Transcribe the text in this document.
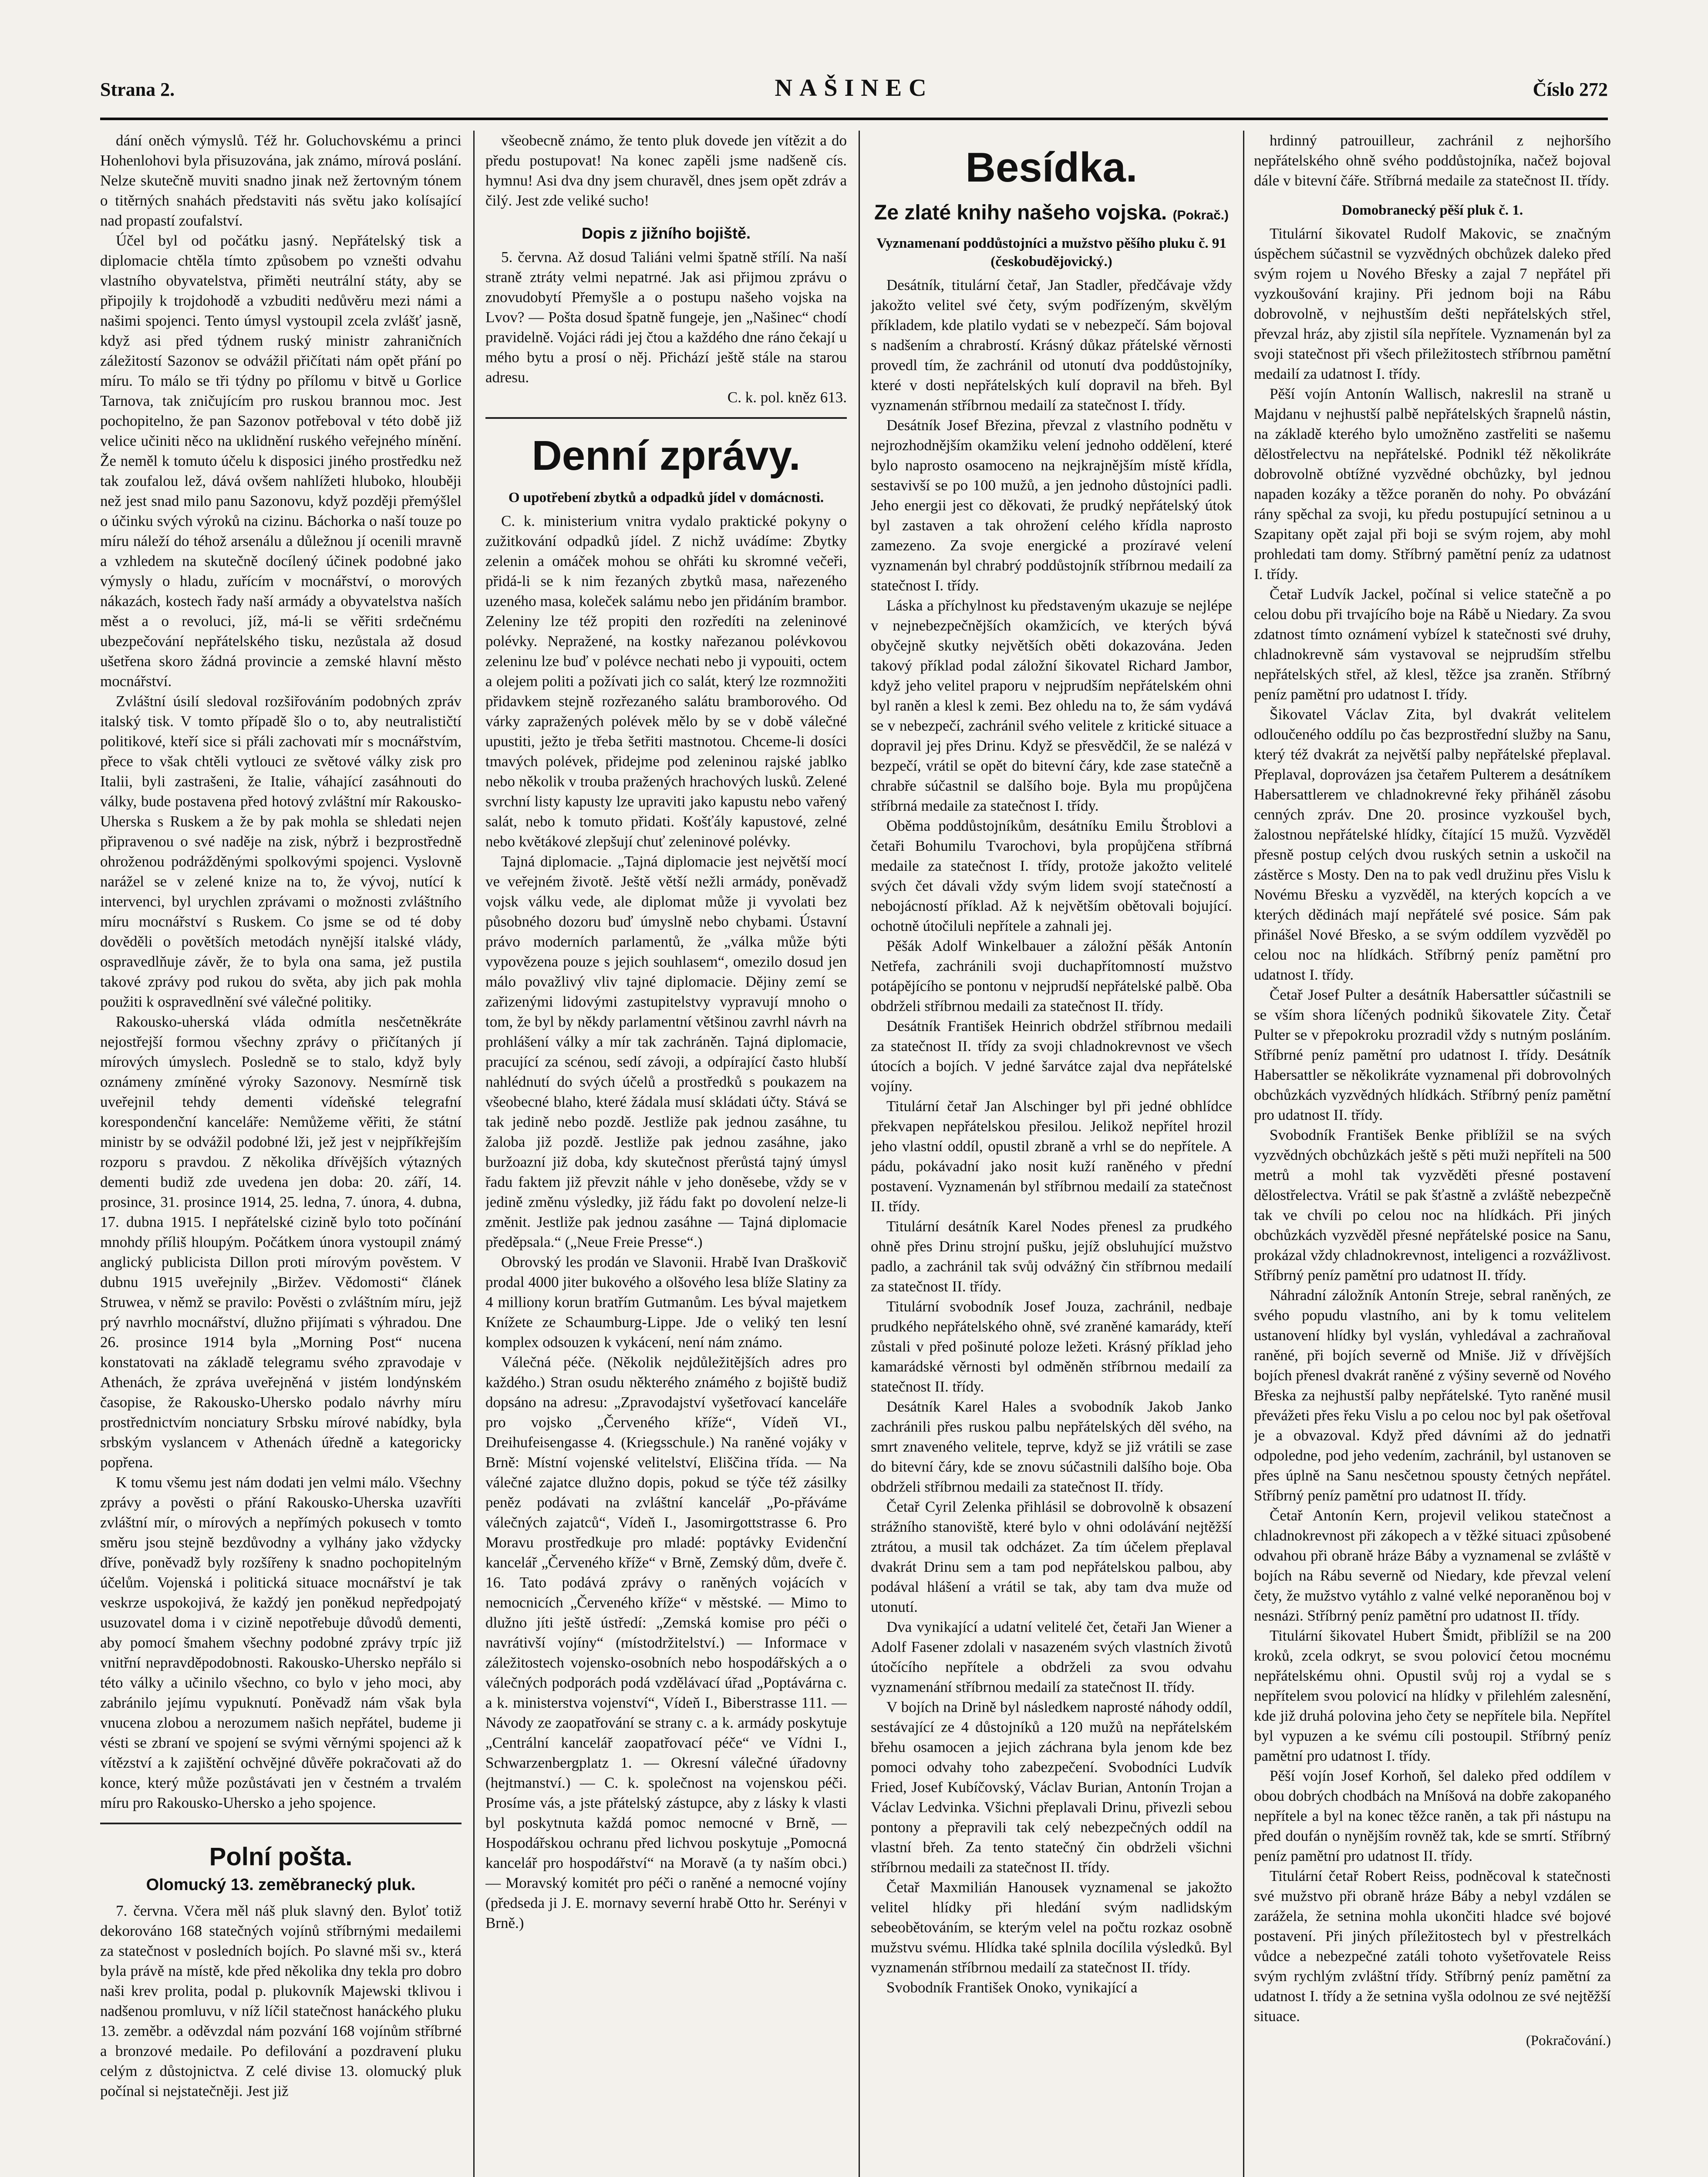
Strana 2.	NAŠINEC	Číslo 272

dání oněch výmyslů. Též hr. Goluchovskému a princi Hohenlohovi byla přisuzována, jak známo, mírová poslání. Nelze skutečně muviti snadno jinak než žertovným tónem o titěrných snahách představiti nás světu jako kolísající nad propastí zoufalství.

Účel byl od počátku jasný. Nepřátelský tisk a diplomacie chtěla tímto způsobem po vznešti odvahu vlastního obyvatelstva, přiměti neutrální státy, aby se připojily k trojdohodě a vzbuditi nedůvěru mezi námi a našimi spojenci. Tento úmysl vystoupil zcela zvlášť jasně, když asi před týdnem ruský ministr zahraničních záležitostí Sazonov se odvážil přičítati nám opět přání po míru. To málo se tři týdny po přílomu v bitvě u Gorlice Tarnova, tak zničujícím pro ruskou brannou moc. Jest pochopitelno, že pan Sazonov potřeboval v této době již velice učiniti něco na uklidnění ruského veřejného mínění. Že neměl k tomuto účelu k disposici jiného prostředku než tak zoufalou lež, dává ovšem nahlížeti hluboko, hlouběji než jest snad milo panu Sazonovu, když později přemýšlel o účinku svých výroků na cizinu. Báchorka o naší touze po míru náleží do téhož arsenálu a důležnou jí ocenili mravně a vzhledem na skutečně docílený účinek podobné jako výmysly o hladu, zuřícím v mocnářství, o morových nákazách, kostech řady naší armády a obyvatelstva naších měst a o revoluci, jíž, má-li se věřiti srdečnému ubezpečování nepřátelského tisku, nezůstala až dosud ušetřena skoro žádná provincie a zemské hlavní město mocnářství.

Zvláštní úsilí sledoval rozšiřováním podobných zpráv italský tisk. V tomto případě šlo o to, aby neutralističtí politikové, kteří sice si přáli zachovati mír s mocnářstvím, přece to však chtěli vytlouci ze světové války zisk pro Italii, byli zastrašeni, že Italie, váhající zasáhnouti do války, bude postavena před hotový zvláštní mír Rakousko-Uherska s Ruskem a že by pak mohla se shledati nejen připravenou o své naděje na zisk, nýbrž i bezprostředně ohroženou podrážděnými spolkovými spojenci. Vyslovně narážel se v zelené knize na to, že vývoj, nutící k intervenci, byl urychlen zprávami o možnosti zvláštního míru mocnářství s Ruskem. Co jsme se od té doby dověděli o povětších metodách nynější italské vlády, ospravedlňuje závěr, že to byla ona sama, jež pustila takové zprávy pod rukou do světa, aby jich pak mohla použiti k ospravedlnění své válečné politiky.

Rakousko-uherská vláda odmítla nesčetněkráte nejostřejší formou všechny zprávy o přičítaných jí mírových úmyslech. Posledně se to stalo, když byly oznámeny zmíněné výroky Sazonovy. Nesmírně tisk uveřejnil tehdy dementi vídeňské telegrafní korespondenční kanceláře: Nemůžeme věřiti, že státní ministr by se odvážil podobné lži, jež jest v nejpříkřejším rozporu s pravdou. Z několika dřívějších výtazných dementi budiž zde uvedena jen doba: 20. září, 14. prosince, 31. prosince 1914, 25. ledna, 7. února, 4. dubna, 17. dubna 1915. I nepřátelské cizině bylo toto počínání mnohdy příliš hloupým. Počátkem února vystoupil známý anglický publicista Dillon proti mírovým pověstem. V dubnu 1915 uveřejnily „Biržev. Vědomosti“ článek Struwea, v němž se pravilo: Pověsti o zvláštním míru, jejž prý navrhlo mocnářství, dlužno přijímati s výhradou. Dne 26. prosince 1914 byla „Morning Post“ nucena konstatovati na základě telegramu svého zpravodaje v Athenách, že zpráva uveřejněná v jistém londýnském časopise, že Rakousko-Uhersko podalo návrhy míru prostřednictvím nonciatury Srbsku mírové nabídky, byla srbským vyslancem v Athenách úředně a kategoricky popřena.

K tomu všemu jest nám dodati jen velmi málo. Všechny zprávy a pověsti o přání Rakousko-Uherska uzavříti zvláštní mír, o mírových a nepřímých pokusech v tomto směru jsou stejně bezdůvodny a vylhány jako vždycky dříve, poněvadž byly rozšířeny k snadno pochopitelným účelům. Vojenská i politická situace mocnářství je tak veskrze uspokojivá, že každý jen poněkud nepředpojatý usuzovatel doma i v cizině nepotřebuje důvodů dementi, aby pomocí šmahem všechny podobné zprávy trpíc již vnitřní nepravděpodobnosti. Rakousko-Uhersko nepřálo si této války a učinilo všechno, co bylo v jeho moci, aby zabránilo jejímu vypuknutí. Poněvadž nám však byla vnucena zlobou a nerozumem našich nepřátel, budeme ji vésti se zbraní ve spojení se svými věrnými spojenci až k vítězství a k zajištění ochvějné důvěře pokračovati až do konce, který může pozůstávati jen v čestném a trvalém míru pro Rakousko-Uhersko a jeho spojence.

Polní pošta.
Olomucký 13. zeměbranecký pluk.

7. června. Včera měl náš pluk slavný den. Byloť totiž dekorováno 168 statečných vojínů stříbrnými medailemi za statečnost v posledních bojích. Po slavné mši sv., která byla právě na místě, kde před několika dny tekla pro dobro naši krev prolita, podal p. plukovník Majewski tklivou i nadšenou promluvu, v níž líčil statečnost hanáckého pluku 13. zeměbr. a oděvzdal nám pozvání 168 vojínům stříbrné a bronzové medaile. Po defilování a pozdravení pluku celým z důstojnictva. Z celé divise 13. olomucký pluk počínal si nejstatečněji. Jest již

všeobecně známo, že tento pluk dovede jen vítězit a do předu postupovat! Na konec zapěli jsme nadšeně cís. hymnu! Asi dva dny jsem churavěl, dnes jsem opět zdráv a čilý. Jest zde veliké sucho!

Dopis z jižního bojiště.

5. června. Až dosud Taliáni velmi špatně střílí. Na naší straně ztráty velmi nepatrné. Jak asi přijmou zprávu o znovudobytí Přemyšle a o postupu našeho vojska na Lvov? — Pošta dosud špatně fungeje, jen „Našinec“ chodí pravidelně. Vojáci rádi jej čtou a každého dne ráno čekají u mého bytu a prosí o něj. Přichází ještě stále na starou adresu.

C. k. pol. kněz 613.
Denní zprávy.
O upotřebení zbytků a odpadků jídel v domácnosti.

C. k. ministerium vnitra vydalo praktické pokyny o zužitkování odpadků jídel. Z nichž uvádíme: Zbytky zelenin a omáček mohou se ohřáti ku skromné večeři, přidá-li se k nim řezaných zbytků masa, nařezeného uzeného masa, koleček salámu nebo jen přidáním brambor. Zeleniny lze též propiti den rozředíti na zeleninové polévky. Nepražené, na kostky nařezanou polévkovou zeleninu lze buď v polévce nechati nebo ji vypouiti, octem a olejem politi a požívati jich co salát, který lze rozmnožiti přidavkem stejně rozřezaného salátu bramborového. Od várky zapražených polévek mělo by se v době válečné upustiti, ježto je třeba šetřiti mastnotou. Chceme-li dosíci tmavých polévek, přidejme pod zeleninou rajské jablko nebo několik v trouba pražených hrachových lusků. Zelené svrchní listy kapusty lze upraviti jako kapustu nebo vařený salát, nebo k tomuto přidati. Košťály kapustové, zelné nebo květákové zlepšují chuť zeleninové polévky.

Tajná diplomacie. „Tajná diplomacie jest největší mocí ve veřejném životě. Ještě větší nežli armády, poněvadž vojsk válku vede, ale diplomat může ji vyvolati bez působného dozoru buď úmyslně nebo chybami. Ústavní právo moderních parlamentů, že „válka může býti vypovězena pouze s jejich souhlasem“, omezilo dosud jen málo považlivý vliv tajné diplomacie. Dějiny zemí se zařizenými lidovými zastupitelstvy vypravují mnoho o tom, že byl by někdy parlamentní většinou zavrhl návrh na prohlášení války a mír tak zachráněn. Tajná diplomacie, pracující za scénou, sedí závoji, a odpírající často hlubší nahlédnutí do svých účelů a prostředků s poukazem na všeobecné blaho, které žádala musí skládati účty. Stává se tak jedině nebo pozdě. Jestliže pak jednou zasáhne, tu žaloba již pozdě. Jestliže pak jednou zasáhne, jako buržoazní již doba, kdy skutečnost přerůstá tajný úmysl řadu faktem již převzit náhle v jeho doněsebe, vždy se v jedině změnu výsledky, již řádu fakt po dovolení nelze-li změnit. Jestliže pak jednou zasáhne — Tajná diplomacie předěpsala.“ („Neue Freie Presse“.)

Obrovský les prodán ve Slavonii. Hrabě Ivan Draškovič prodal 4000 jiter bukového a olšového lesa blíže Slatiny za 4 milliony korun bratřím Gutmanům. Les býval majetkem Knížete ze Schaumburg-Lippe. Jde o veliký ten lesní komplex odsouzen k vykácení, není nám známo.

Válečná péče. (Několik nejdůležitějších adres pro každého.) Stran osudu některého známého z bojiště budiž dopsáno na adresu: „Zpravodajství vyšetřovací kanceláře pro vojsko „Červeného kříže“, Vídeň VI., Dreihufeisengasse 4. (Kriegsschule.) Na raněné vojáky v Brně: Místní vojenské velitelství, Eliščina třída. — Na válečné zajatce dlužno dopis, pokud se týče též zásilky peněz podávati na zvláštní kancelář „Po-přáváme válečných zajatců“, Vídeň I., Jasomirgottstrasse 6. Pro Moravu prostředkuje pro mladé: poptávky Evidenční kancelář „Červeného kříže“ v Brně, Zemský dům, dveře č. 16. Tato podává zprávy o raněných vojácích v nemocnicích „Červeného kříže“ v městské. — Mimo to dlužno jíti ještě ústředí: „Zemská komise pro péči o navrátivší vojíny“ (místodržitelství.) — Informace v záležitostech vojensko-osobních nebo hospodářských a o válečných podporách podá vzdělávací úřad „Poptávárna c. a k. ministerstva vojenství“, Vídeň I., Biberstrasse 111. — Návody ze zaopatřování se strany c. a k. armády poskytuje „Centrální kancelář zaopatřovací péče“ ve Vídni I., Schwarzenbergplatz 1. — Okresní válečné úřadovny (hejtmanství.) — C. k. společnost na vojenskou péči. Prosíme vás, a jste přátelský zástupce, aby z lásky k vlasti byl poskytnuta každá pomoc nemocné v Brně, — Hospodářskou ochranu před lichvou poskytuje „Pomocná kancelář pro hospodářství“ na Moravě (a ty naším obci.) — Moravský komitét pro péči o raněné a nemocné vojíny (předseda ji J. E. mornavy severní hrabě Otto hr. Serényi v Brně.)

Besídka.
Ze zlaté knihy našeho vojska. (Pokrač.)
Vyznamenaní poddůstojníci a mužstvo pěšího pluku č. 91 (českobudějovický.)

Desátník, titulární četař, Jan Stadler, předčávaje vždy jakožto velitel své čety, svým podřízeným, skvělým příkladem, kde platilo vydati se v nebezpečí. Sám bojoval s nadšením a chrabrostí. Krásný důkaz přátelské věrnosti provedl tím, že zachránil od utonutí dva poddůstojníky, které v dosti nepřátelských kulí dopravil na břeh. Byl vyznamenán stříbrnou medailí za statečnost I. třídy.

Desátník Josef Březina, převzal z vlastního podnětu v nejrozhodnějším okamžiku velení jednoho oddělení, které bylo naprosto osamoceno na nejkrajnějším místě křídla, sestavivší se po 100 mužů, a jen jednoho důstojníci padli. Jeho energii jest co děkovati, že prudký nepřátelský útok byl zastaven a tak ohrožení celého křídla naprosto zamezeno. Za svoje energické a prozíravé velení vyznamenán byl chrabrý poddůstojník stříbrnou medailí za statečnost I. třídy.

Láska a příchylnost ku představeným ukazuje se nejlépe v nejnebezpečnějších okamžicích, ve kterých bývá obyčejně skutky největších oběti dokazována. Jeden takový příklad podal záložní šikovatel Richard Jambor, když jeho velitel praporu v nejprudším nepřátelském ohni byl raněn a klesl k zemi. Bez ohledu na to, že sám vydává se v nebezpečí, zachránil svého velitele z kritické situace a dopravil jej přes Drinu. Když se přesvědčil, že se nalézá v bezpečí, vrátil se opět do bitevní čáry, kde zase statečně a chrabře súčastnil se dalšího boje. Byla mu propůjčena stříbrná medaile za statečnost I. třídy.

Oběma poddůstojníkům, desátníku Emilu Štroblovi a četaři Bohumilu Tvarochovi, byla propůjčena stříbrná medaile za statečnost I. třídy, protože jakožto velitelé svých čet dávali vždy svým lidem svojí statečností a nebojácností příklad. Až k největším obětovali bojující. ochotně útočiluli nepřítele a zahnali jej.

Pěšák Adolf Winkelbauer a záložní pěšák Antonín Netřefa, zachránili svoji duchapřítomností mužstvo potápějícího se pontonu v nejprudší nepřátelské palbě. Oba obdrželi stříbrnou medaili za statečnost II. třídy.

Desátník František Heinrich obdržel stříbrnou medaili za statečnost II. třídy za svoji chladnokrevnost ve všech útocích a bojích. V jedné šarvátce zajal dva nepřátelské vojíny.

Titulární četař Jan Alschinger byl při jedné obhlídce překvapen nepřátelskou přesilou. Jelikož nepřítel hrozil jeho vlastní oddíl, opustil zbraně a vrhl se do nepřítele. A pádu, pokávadní jako nosit kuží raněného v přední postavení. Vyznamenán byl stříbrnou medailí za statečnost II. třídy.

Titulární desátník Karel Nodes přenesl za prudkého ohně přes Drinu strojní pušku, jejíž obsluhující mužstvo padlo, a zachránil tak svůj odvážný čin stříbrnou medailí za statečnost II. třídy.

Titulární svobodník Josef Jouza, zachránil, nedbaje prudkého nepřátelského ohně, své zraněné kamarády, kteří zůstali v před pošinuté poloze ležeti. Krásný příklad jeho kamarádské věrnosti byl odměněn stříbrnou medailí za statečnost II. třídy.

Desátník Karel Hales a svobodník Jakob Janko zachránili přes ruskou palbu nepřátelských děl svého, na smrt znaveného velitele, teprve, když se již vrátili se zase do bitevní čáry, kde se znovu súčastnili dalšího boje. Oba obdrželi stříbrnou medaili za statečnost II. třídy.

Četař Cyril Zelenka přihlásil se dobrovolně k obsazení strážního stanoviště, které bylo v ohni odolávání nejtěžší ztrátou, a musil tak odcházet. Za tím účelem přeplaval dvakrát Drinu sem a tam pod nepřátelskou palbou, aby podával hlášení a vrátil se tak, aby tam dva muže od utonutí.

Dva vynikající a udatní velitelé čet, četaři Jan Wiener a Adolf Fasener zdolali v nasazeném svých vlastních životů útočícího nepřítele a obdrželi za svou odvahu vyznamenání stříbrnou medailí za statečnost II. třídy.

V bojích na Drině byl následkem naprosté náhody oddíl, sestávající ze 4 důstojníků a 120 mužů na nepřátelském břehu osamocen a jejich záchrana byla jenom kde bez pomoci odvahy toho zabezpečení. Svobodníci Ludvík Fried, Josef Kubíčovský, Václav Burian, Antonín Trojan a Václav Ledvinka. Všichni přeplavali Drinu, přivezli sebou pontony a přepravili tak celý nebezpečných oddíl na vlastní břeh. Za tento statečný čin obdrželi všichni stříbrnou medaili za statečnost II. třídy.

Četař Maxmilián Hanousek vyznamenal se jakožto velitel hlídky při hledání svým nadlidským sebeobětováním, se kterým velel na počtu rozkaz osobně mužstvu svému. Hlídka také splnila docílila výsledků. Byl vyznamenán stříbrnou medailí za statečnost II. třídy.

Svobodník František Onoko, vynikající a

hrdinný patrouilleur, zachránil z nejhoršího nepřátelského ohně svého poddůstojníka, načež bojoval dále v bitevní čáře. Stříbrná medaile za statečnost II. třídy.

Domobranecký pěší pluk č. 1.

Titulární šikovatel Rudolf Makovic, se značným úspěchem súčastnil se vyzvědných obchůzek daleko před svým rojem u Nového Břesky a zajal 7 nepřátel při vyzkoušování krajiny. Při jednom boji na Rábu dobrovolně, v nejhustším dešti nepřátelských střel, převzal hráz, aby zjistil síla nepřítele. Vyznamenán byl za svoji statečnost při všech přiležitostech stříbrnou pamětní medailí za udatnost I. třídy.

Pěší vojín Antonín Wallisch, nakreslil na straně u Majdanu v nejhustší palbě nepřátelských šrapnelů nástin, na základě kterého bylo umožněno zastřeliti se našemu dělostřelectvu na nepřátelské. Podnikl též několikráte dobrovolně obtížné vyzvědné obchůzky, byl jednou napaden kozáky a těžce poraněn do nohy. Po obvázání rány spěchal za svoji, ku předu postupující setninou a u Szapitany opět zajal při boji se svým rojem, aby mohl prohledati tam domy. Stříbrný pamětní peníz za udatnost I. třídy.

Četař Ludvík Jackel, počínal si velice statečně a po celou dobu při trvajícího boje na Rábě u Niedary. Za svou zdatnost tímto oznámení vybízel k statečnosti své druhy, chladnokrevně sám vystavoval se nejprudším střelbu nepřátelských střel, až klesl, těžce jsa zraněn. Stříbrný peníz pamětní pro udatnost I. třídy.

Šikovatel Václav Zita, byl dvakrát velitelem odloučeného oddílu po čas bezprostřední služby na Sanu, který též dvakrát za největší palby nepřátelské přeplaval. Přeplaval, doprovázen jsa četařem Pulterem a desátníkem Habersattlerem ve chladnokrevné řeky přiháněl zásobu cenných zpráv. Dne 20. prosince vyzkoušel bych, žalostnou nepřátelské hlídky, čítající 15 mužů. Vyzvěděl přesně postup celých dvou ruských setnin a uskočil na zástěrce s Mosty. Den na to pak vedl družinu přes Vislu k Novému Břesku a vyzvěděl, na kterých kopcích a ve kterých dědinách mají nepřátelé své posice. Sám pak přinášel Nové Břesko, a se svým oddílem vyzvěděl po celou noc na hlídkách. Stříbrný peníz pamětní pro udatnost I. třídy.

Četař Josef Pulter a desátník Habersattler súčastnili se se vším shora líčených podniků šikovatele Zity. Četař Pulter se v přepokroku prozradil vždy s nutným posláním. Stříbrné peníz pamětní pro udatnost I. třídy. Desátník Habersattler se několikráte vyznamenal při dobrovolných obchůzkách vyzvědných hlídkách. Stříbrný peníz pamětní pro udatnost II. třídy.

Svobodník František Benke přiblížil se na svých vyzvědných obchůzkách ještě s pěti muži nepříteli na 500 metrů a mohl tak vyzvěděti přesné postavení dělostřelectva. Vrátil se pak šťastně a zvláště nebezpečně tak ve chvíli po celou noc na hlídkách. Při jiných obchůzkách vyzvěděl přesné nepřátelské posice na Sanu, prokázal vždy chladnokrevnost, inteligenci a rozvážlivost. Stříbrný peníz pamětní pro udatnost II. třídy.

Náhradní záložník Antonín Streje, sebral raněných, ze svého popudu vlastního, ani by k tomu velitelem ustanovení hlídky byl vyslán, vyhledával a zachraňoval raněné, při bojích severně od Mniše. Již v dřívějších bojích přenesl dvakrát raněné z výšiny severně od Nového Břeska za nejhustší palby nepřátelské. Tyto raněné musil převážeti přes řeku Vislu a po celou noc byl pak ošetřoval je a obvazoval. Když před dávními až do jednatři odpoledne, pod jeho vedením, zachránil, byl ustanoven se přes úplně na Sanu nesčetnou spousty četných nepřátel. Stříbrný peníz pamětní pro udatnost II. třídy.

Četař Antonín Kern, projevil velikou statečnost a chladnokrevnost při zákopech a v těžké situaci způsobené odvahou při obraně hráze Báby a vyznamenal se zvláště v bojích na Rábu severně od Niedary, kde převzal velení čety, že mužstvo vytáhlo z valné velké neporaněnou boj v nesnázi. Stříbrný peníz pamětní pro udatnost II. třídy.

Titulární šikovatel Hubert Šmidt, přiblížil se na 200 kroků, zcela odkryt, se svou polovicí četou mocnému nepřátelskému ohni. Opustil svůj roj a vydal se s nepřítelem svou polovicí na hlídky v přilehlém zalesnění, kde již druhá polovina jeho čety se nepřítele bila. Nepřítel byl vypuzen a ke svému cíli postoupil. Stříbrný peníz pamětní pro udatnost I. třídy.

Pěší vojín Josef Korhoň, šel daleko před oddílem v obou dobrých chodbách na Mníšová na dobře zakopaného nepřítele a byl na konec těžce raněn, a tak při nástupu na před doufán o nynějším rovněž tak, kde se smrtí. Stříbrný peníz pamětní pro udatnost II. třídy.

Titulární četař Robert Reiss, podněcoval k statečnosti své mužstvo při obraně hráze Báby a nebyl vzdálen se zarážela, že setnina mohla ukončiti hladce své bojové postavení. Při jiných příležitostech byl v přestrelkách vůdce a nebezpečné zatáli tohoto vyšetřovatele Reiss svým rychlým zvláštní třídy. Stříbrný peníz pamětní za udatnost I. třídy a že setnina vyšla odolnou ze své nejtěžší situace.

(Pokračování.)
